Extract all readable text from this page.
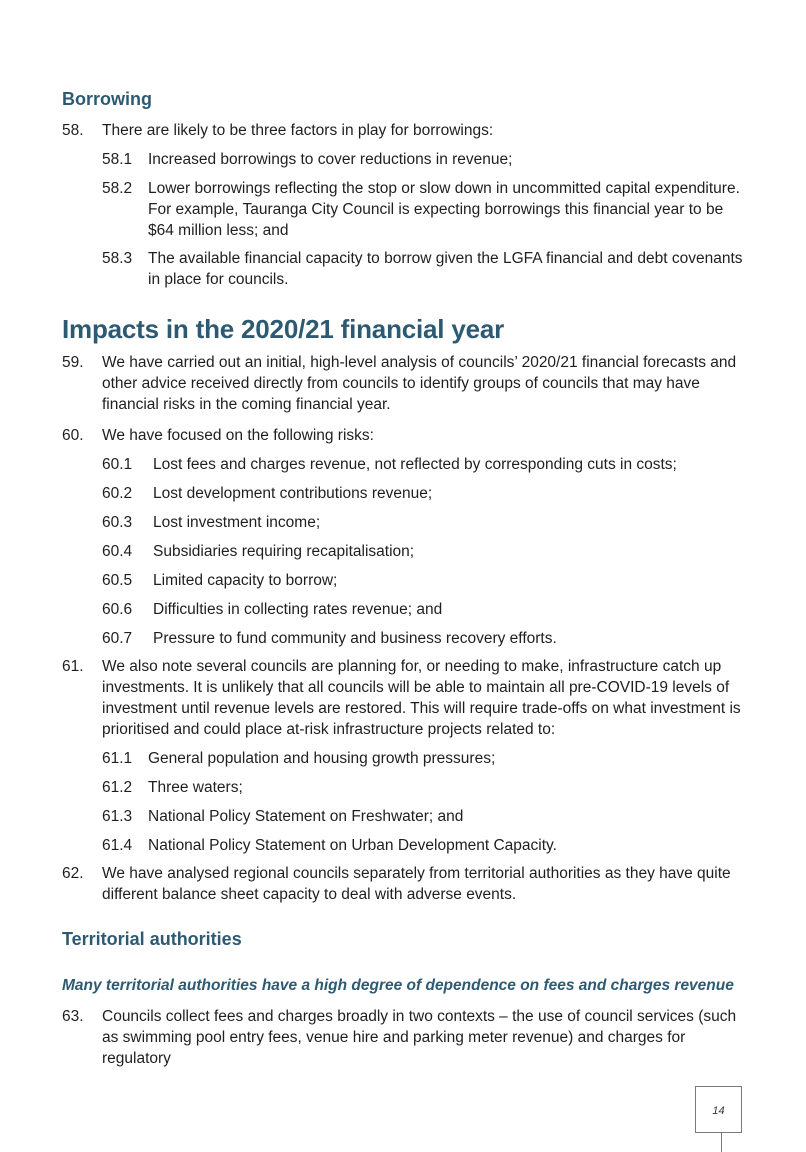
Borrowing
58.	There are likely to be three factors in play for borrowings:
58.1	Increased borrowings to cover reductions in revenue;
58.2	Lower borrowings reflecting the stop or slow down in uncommitted capital expenditure. For example, Tauranga City Council is expecting borrowings this financial year to be $64 million less; and
58.3	The available financial capacity to borrow given the LGFA financial and debt covenants in place for councils.
Impacts in the 2020/21 financial year
59.	We have carried out an initial, high-level analysis of councils’ 2020/21 financial forecasts and other advice received directly from councils to identify groups of councils that may have financial risks in the coming financial year.
60.	We have focused on the following risks:
60.1	Lost fees and charges revenue, not reflected by corresponding cuts in costs;
60.2	Lost development contributions revenue;
60.3	Lost investment income;
60.4	Subsidiaries requiring recapitalisation;
60.5	Limited capacity to borrow;
60.6	Difficulties in collecting rates revenue; and
60.7	Pressure to fund community and business recovery efforts.
61.	We also note several councils are planning for, or needing to make, infrastructure catch up investments. It is unlikely that all councils will be able to maintain all pre-COVID-19 levels of investment until revenue levels are restored. This will require trade-offs on what investment is prioritised and could place at-risk infrastructure projects related to:
61.1	General population and housing growth pressures;
61.2	Three waters;
61.3	National Policy Statement on Freshwater; and
61.4	National Policy Statement on Urban Development Capacity.
62.	We have analysed regional councils separately from territorial authorities as they have quite different balance sheet capacity to deal with adverse events.
Territorial authorities
Many territorial authorities have a high degree of dependence on fees and charges revenue
63.	Councils collect fees and charges broadly in two contexts – the use of council services (such as swimming pool entry fees, venue hire and parking meter revenue) and charges for regulatory
14
